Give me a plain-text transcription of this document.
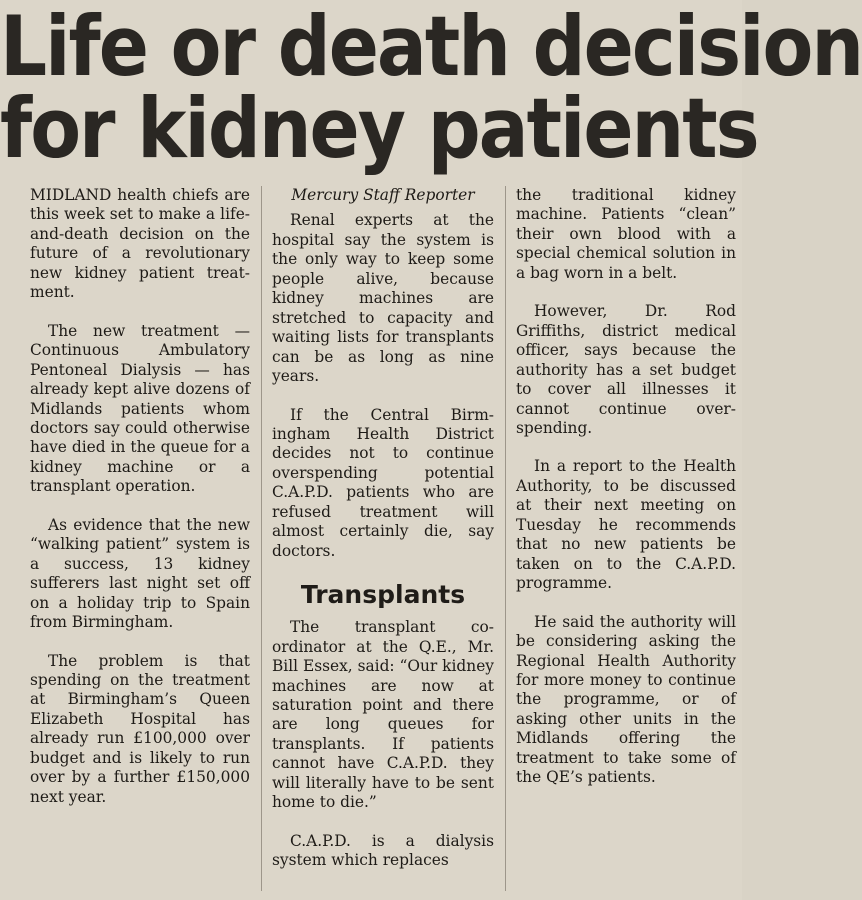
Life or death decision
for kidney patients

MIDLAND health chiefs are this week set to make a life-and-death decision on the future of a revolutionary new kidney patient treatment.

The new treatment — Continuous Ambulatory Pentoneal Dialysis — has already kept alive dozens of Midlands patients whom doctors say could otherwise have died in the queue for a kidney machine or a transplant operation.

As evidence that the new “walking patient” system is a success, 13 kidney sufferers last night set off on a holiday trip to Spain from Birmingham.

The problem is that spending on the treatment at Birmingham’s Queen Elizabeth Hospital has already run £100,000 over budget and is likely to run over by a further £150,000 next year.

Mercury Staff Reporter

Renal experts at the hospital say the system is the only way to keep some people alive, because kidney machines are stretched to capacity and waiting lists for transplants can be as long as nine years.

If the Central Birmingham Health District decides not to continue overspending potential C.A.P.D. patients who are refused treatment will almost certainly die, say doctors.

Transplants

The transplant co-ordinator at the Q.E., Mr. Bill Essex, said: “Our kidney machines are now at saturation point and there are long queues for transplants. If patients cannot have C.A.P.D. they will literally have to be sent home to die.”

C.A.P.D. is a dialysis system which replaces

the traditional kidney machine. Patients “clean” their own blood with a special chemical solution in a bag worn in a belt.

However, Dr. Rod Griffiths, district medical officer, says because the authority has a set budget to cover all illnesses it cannot continue overspending.

In a report to the Health Authority, to be discussed at their next meeting on Tuesday he recommends that no new patients be taken on to the C.A.P.D. programme.

He said the authority will be considering asking the Regional Health Authority for more money to continue the programme, or of asking other units in the Midlands offering the treatment to take some of the QE’s patients.
